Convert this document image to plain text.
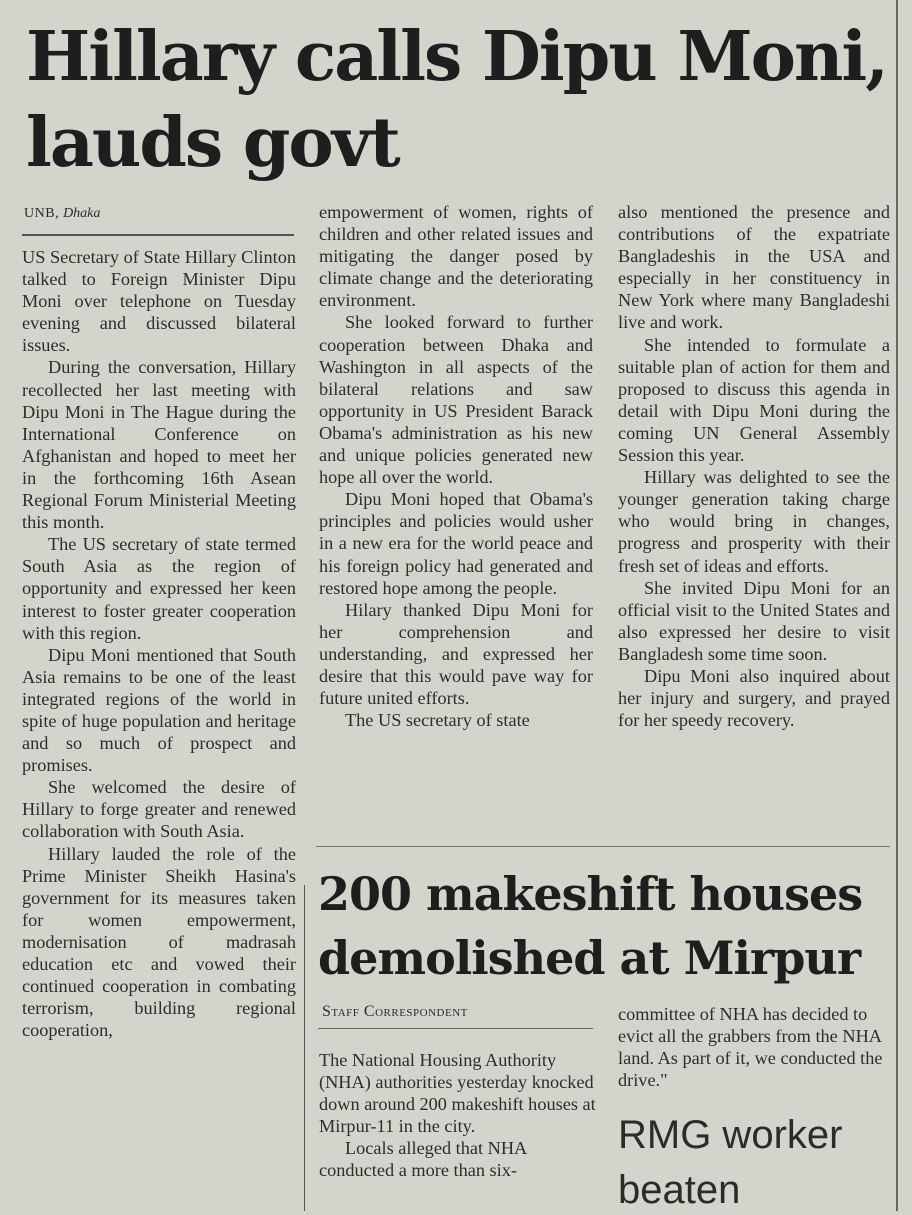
Hillary calls Dipu Moni,
lauds govt
UNB, Dhaka

US Secretary of State Hillary Clinton talked to Foreign Minister Dipu Moni over telephone on Tuesday evening and discussed bilateral issues.

During the conversation, Hillary recollected her last meeting with Dipu Moni in The Hague during the International Conference on Afghanistan and hoped to meet her in the forthcoming 16th Asean Regional Forum Ministerial Meeting this month.

The US secretary of state termed South Asia as the region of opportunity and expressed her keen interest to foster greater cooperation with this region.

Dipu Moni mentioned that South Asia remains to be one of the least integrated regions of the world in spite of huge population and heritage and so much of prospect and promises.

She welcomed the desire of Hillary to forge greater and renewed collaboration with South Asia.

Hillary lauded the role of the Prime Minister Sheikh Hasina's government for its measures taken for women empowerment, modernisation of madrasah education etc and vowed their continued cooperation in combating terrorism, building regional cooperation,

empowerment of women, rights of children and other related issues and mitigating the danger posed by climate change and the deteriorating environment.

She looked forward to further cooperation between Dhaka and Washington in all aspects of the bilateral relations and saw opportunity in US President Barack Obama's administration as his new and unique policies generated new hope all over the world.

Dipu Moni hoped that Obama's principles and policies would usher in a new era for the world peace and his foreign policy had generated and restored hope among the people.

Hilary thanked Dipu Moni for her comprehension and understanding, and expressed her desire that this would pave way for future united efforts.

The US secretary of state

also mentioned the presence and contributions of the expatriate Bangladeshis in the USA and especially in her constituency in New York where many Bangladeshi live and work.

She intended to formulate a suitable plan of action for them and proposed to discuss this agenda in detail with Dipu Moni during the coming UN General Assembly Session this year.

Hillary was delighted to see the younger generation taking charge who would bring in changes, progress and prosperity with their fresh set of ideas and efforts.

She invited Dipu Moni for an official visit to the United States and also expressed her desire to visit Bangladesh some time soon.

Dipu Moni also inquired about her injury and surgery, and prayed for her speedy recovery.

200 makeshift houses
demolished at Mirpur
Staff Correspondent

The National Housing Authority (NHA) authorities yesterday knocked down around 200 makeshift houses at Mirpur-11 in the city.

Locals alleged that NHA conducted a more than six-

committee of NHA has decided to evict all the grabbers from the NHA land. As part of it, we conducted the drive."

RMG worker
beaten
